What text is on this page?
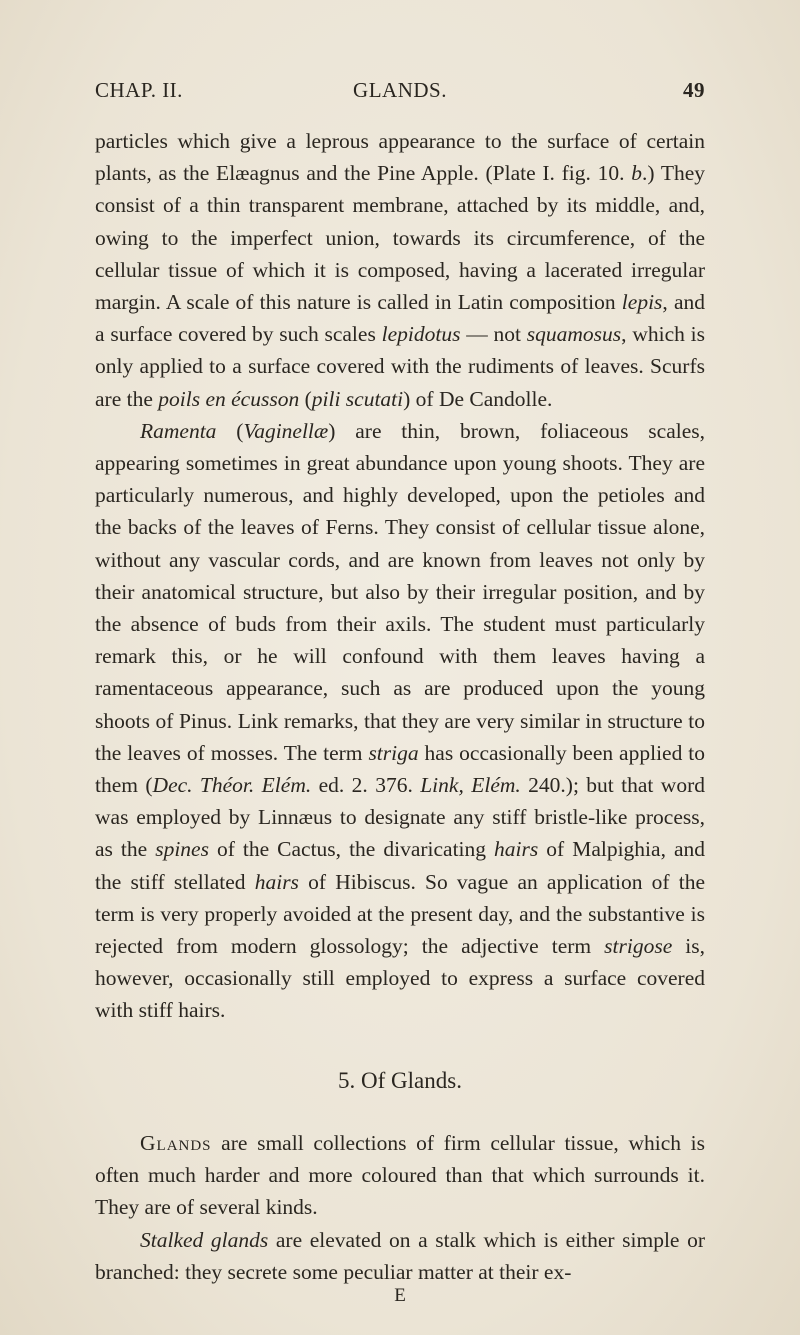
CHAP. II.	GLANDS.	49

particles which give a leprous appearance to the surface of certain plants, as the Elæagnus and the Pine Apple. (Plate I. fig. 10. b.) They consist of a thin transparent membrane, attached by its middle, and, owing to the imperfect union, towards its circumference, of the cellular tissue of which it is composed, having a lacerated irregular margin. A scale of this nature is called in Latin composition lepis, and a surface covered by such scales lepidotus — not squamosus, which is only applied to a surface covered with the rudiments of leaves. Scurfs are the poils en écusson (pili scutati) of De Candolle.

Ramenta (Vaginellæ) are thin, brown, foliaceous scales, appearing sometimes in great abundance upon young shoots. They are particularly numerous, and highly developed, upon the petioles and the backs of the leaves of Ferns. They consist of cellular tissue alone, without any vascular cords, and are known from leaves not only by their anatomical structure, but also by their irregular position, and by the absence of buds from their axils. The student must particularly remark this, or he will confound with them leaves having a ramentaceous appearance, such as are produced upon the young shoots of Pinus. Link remarks, that they are very similar in structure to the leaves of mosses. The term striga has occasionally been applied to them (Dec. Théor. Elém. ed. 2. 376. Link, Elém. 240.); but that word was employed by Linnæus to designate any stiff bristle-like process, as the spines of the Cactus, the divaricating hairs of Malpighia, and the stiff stellated hairs of Hibiscus. So vague an application of the term is very properly avoided at the present day, and the substantive is rejected from modern glossology; the adjective term strigose is, however, occasionally still employed to express a surface covered with stiff hairs.

5. Of Glands.

Glands are small collections of firm cellular tissue, which is often much harder and more coloured than that which surrounds it. They are of several kinds.

Stalked glands are elevated on a stalk which is either simple or branched: they secrete some peculiar matter at their ex-

E
